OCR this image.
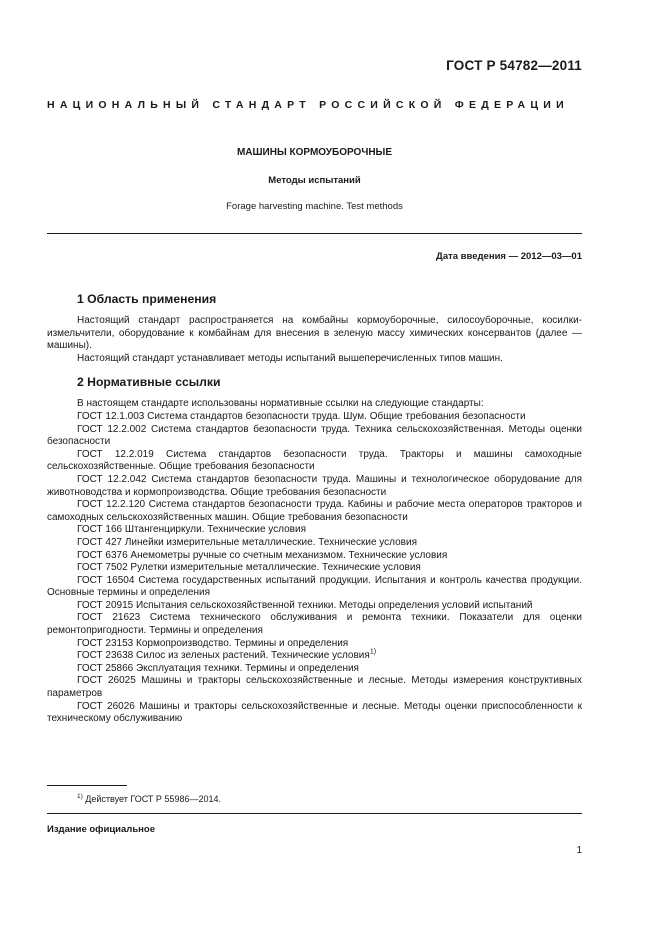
ГОСТ Р 54782—2011
НАЦИОНАЛЬНЫЙ СТАНДАРТ РОССИЙСКОЙ ФЕДЕРАЦИИ
МАШИНЫ КОРМОУБОРОЧНЫЕ
Методы испытаний
Forage harvesting machine. Test methods
Дата введения — 2012—03—01
1 Область применения

Настоящий стандарт распространяется на комбайны кормоуборочные, силосоуборочные, косилки-измельчители, оборудование к комбайнам для внесения в зеленую массу химических консервантов (далее — машины).

Настоящий стандарт устанавливает методы испытаний вышеперечисленных типов машин.

2 Нормативные ссылки

В настоящем стандарте использованы нормативные ссылки на следующие стандарты:

ГОСТ 12.1.003 Система стандартов безопасности труда. Шум. Общие требования безопасности

ГОСТ 12.2.002 Система стандартов безопасности труда. Техника сельскохозяйственная. Методы оценки безопасности

ГОСТ 12.2.019 Система стандартов безопасности труда. Тракторы и машины самоходные сельскохозяйственные. Общие требования безопасности

ГОСТ 12.2.042 Система стандартов безопасности труда. Машины и технологическое оборудование для животноводства и кормопроизводства. Общие требования безопасности

ГОСТ 12.2.120 Система стандартов безопасности труда. Кабины и рабочие места операторов тракторов и самоходных сельскохозяйственных машин. Общие требования безопасности

ГОСТ 166 Штангенциркули. Технические условия

ГОСТ 427 Линейки измерительные металлические. Технические условия

ГОСТ 6376 Анемометры ручные со счетным механизмом. Технические условия

ГОСТ 7502 Рулетки измерительные металлические. Технические условия

ГОСТ 16504 Система государственных испытаний продукции. Испытания и контроль качества продукции. Основные термины и определения

ГОСТ 20915 Испытания сельскохозяйственной техники. Методы определения условий испытаний

ГОСТ 21623 Система технического обслуживания и ремонта техники. Показатели для оценки ремонтопригодности. Термины и определения

ГОСТ 23153 Кормопроизводство. Термины и определения

ГОСТ 23638 Силос из зеленых растений. Технические условия$^{1)}$

ГОСТ 25866 Эксплуатация техники. Термины и определения

ГОСТ 26025 Машины и тракторы сельскохозяйственные и лесные. Методы измерения конструктивных параметров

ГОСТ 26026 Машины и тракторы сельскохозяйственные и лесные. Методы оценки приспособленности к техническому обслуживанию

$^{1)}$ Действует ГОСТ Р 55986—2014.
Издание официальное
1
